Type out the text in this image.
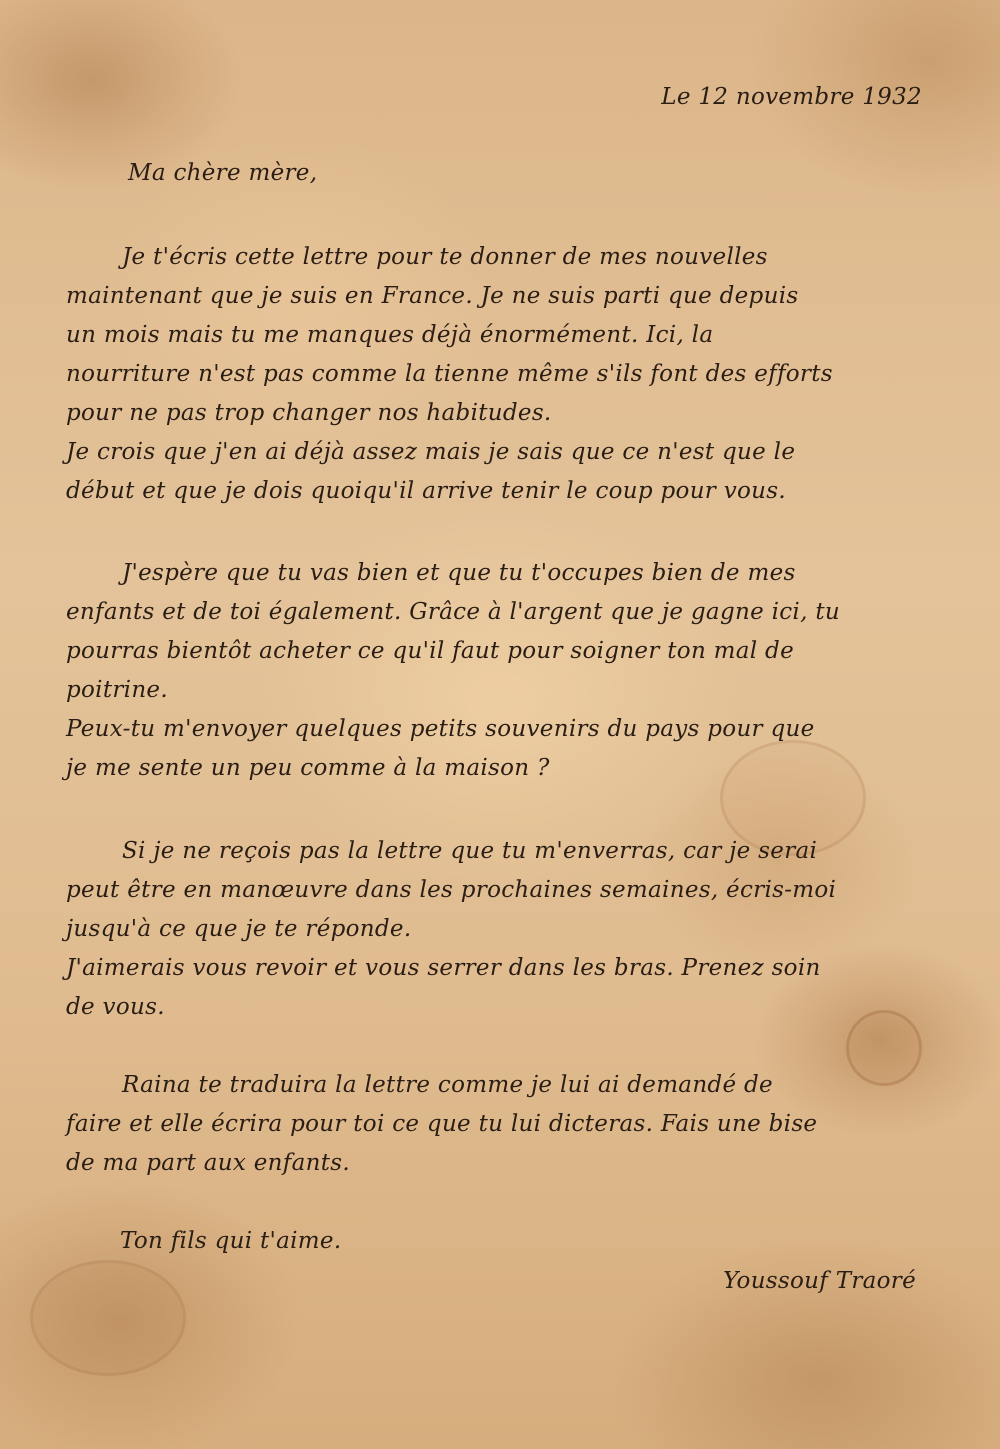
Le 12 novembre 1932
Ma chère mère,
Je t'écris cette lettre pour te donner de mes nouvelles
maintenant que je suis en France. Je ne suis parti que depuis
un mois mais tu me manques déjà énormément. Ici, la
nourriture n'est pas comme la tienne même s'ils font des efforts
pour ne pas trop changer nos habitudes.
Je crois que j'en ai déjà assez mais je sais que ce n'est que le
début et que je dois quoiqu'il arrive tenir le coup pour vous.
J'espère que tu vas bien et que tu t'occupes bien de mes
enfants et de toi également. Grâce à l'argent que je gagne ici, tu
pourras bientôt acheter ce qu'il faut pour soigner ton mal de
poitrine.
Peux-tu m'envoyer quelques petits souvenirs du pays pour que
je me sente un peu comme à la maison ?
Si je ne reçois pas la lettre que tu m'enverras, car je serai
peut être en manœuvre dans les prochaines semaines, écris-moi
jusqu'à ce que je te réponde.
J'aimerais vous revoir et vous serrer dans les bras. Prenez soin
de vous.
Raina te traduira la lettre comme je lui ai demandé de
faire et elle écrira pour toi ce que tu lui dicteras. Fais une bise
de ma part aux enfants.
Ton fils qui t'aime.
Youssouf Traoré
